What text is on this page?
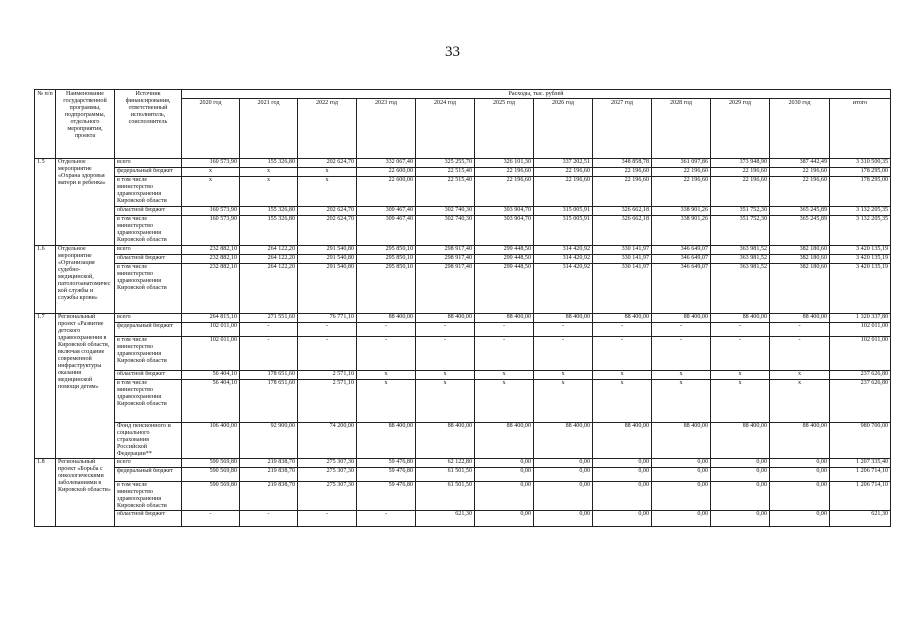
33
№ п/п	Наименование государственной программы, подпрограммы, отдельного мероприятия, проекта	Источник финансирования, ответственный исполнитель, соисполнитель	Расходы, тыс. рублей											
			2020 год	2021 год	2022 год	2023 год	2024 год	2025 год	2026 год	2027 год	2028 год	2029 год	2030 год	итого
1.5	Отдельное мероприятие «Охрана здоровья матери и ребенка»	всего	160 573,90	155 326,80	202 624,70	332 067,40	325 255,70	326 101,30	337 202,51	348 858,78	361 097,86	373 948,90	387 442,49	3 310 500,35
		федеральный бюджет	x	x	x	22 600,00	22 515,40	22 196,60	22 196,60	22 196,60	22 196,60	22 196,60	22 196,60	178 295,00
		в том числе министерство здравоохранения Кировской области	x	x	x	22 600,00	22 515,40	22 196,60	22 196,60	22 196,60	22 196,60	22 196,60	22 196,60	178 295,00
		областной бюджет	160 573,90	155 326,80	202 624,70	309 467,40	302 740,30	303 904,70	315 005,91	326 662,18	338 901,26	351 752,30	365 245,89	3 132 205,35
		в том числе министерство здравоохранения Кировской области	160 573,90	155 326,80	202 624,70	309 467,40	302 740,30	303 904,70	315 005,91	326 662,18	338 901,26	351 752,30	365 245,89	3 132 205,35
1.6	Отдельное мероприятие «Организация судебно-медицинской, патологоанатомической службы и службы крови»	всего	232 882,10	264 122,20	291 540,80	295 850,10	298 917,40	299 448,50	314 420,92	330 141,97	346 649,07	363 981,52	382 180,60	3 420 135,19
		областной бюджет	232 882,10	264 122,20	291 540,80	295 850,10	298 917,40	299 448,50	314 420,92	330 141,97	346 649,07	363 981,52	382 180,60	3 420 135,19
		в том числе министерство здравоохранения Кировской области	232 882,10	264 122,20	291 540,80	295 850,10	298 917,40	299 448,50	314 420,92	330 141,97	346 649,07	363 981,52	382 180,60	3 420 135,19
1.7	Региональный проект «Развитие детского здравоохранения в Кировской области, включая создание современной инфраструктуры оказания медицинской помощи детям»	всего	264 815,10	271 551,60	76 771,10	88 400,00	88 400,00	88 400,00	88 400,00	88 400,00	88 400,00	88 400,00	88 400,00	1 320 337,80
		федеральный бюджет	102 011,00	-	-	-	-	-	-	-	-	-	-	102 011,00
		в том числе министерство здравоохранения Кировской области	102 011,00	-	-	-	-	-	-	-	-	-	-	102 011,00
		областной бюджет	56 404,10	178 651,60	2 571,10	x	x	x	x	x	x	x	x	237 626,80
		в том числе министерство здравоохранения Кировской области	56 404,10	178 651,60	2 571,10	x	x	x	x	x	x	x	x	237 626,80
		Фонд пенсионного и социального страхования Российской Федерации**	106 400,00	92 900,00	74 200,00	88 400,00	88 400,00	88 400,00	88 400,00	88 400,00	88 400,00	88 400,00	88 400,00	980 700,00
1.8	Региональный проект «Борьба с онкологическими заболеваниями в Кировской области»	всего	590 569,80	219 838,70	275 307,30	59 476,80	62 122,80	0,00	0,00	0,00	0,00	0,00	0,00	1 207 335,40
		федеральный бюджет	590 569,80	219 838,70	275 307,30	59 476,80	61 501,50	0,00	0,00	0,00	0,00	0,00	0,00	1 206 714,10
		в том числе министерство здравоохранения Кировской области	590 569,80	219 838,70	275 307,30	59 476,80	61 501,50	0,00	0,00	0,00	0,00	0,00	0,00	1 206 714,10
		областной бюджет	-	-	-	-	621,30	0,00	0,00	0,00	0,00	0,00	0,00	621,30
